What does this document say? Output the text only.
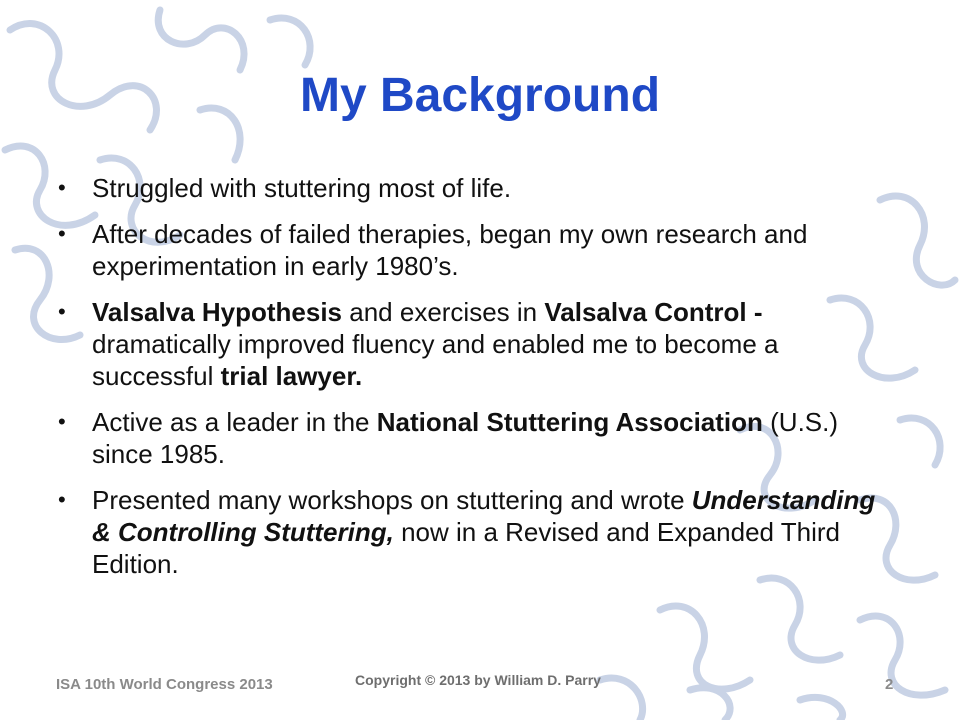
My Background
• Struggled with stuttering most of life.
• After decades of failed therapies, began my own research and experimentation in early 1980’s.
• Valsalva Hypothesis and exercises in Valsalva Control - dramatically improved fluency and enabled me to become a successful trial lawyer.
• Active as a leader in the National Stuttering Association (U.S.) since 1985.
• Presented many workshops on stuttering and wrote Understanding & Controlling Stuttering, now in a Revised and Expanded Third Edition.
ISA 10th World Congress 2013	Copyright © 2013 by William D. Parry	2
